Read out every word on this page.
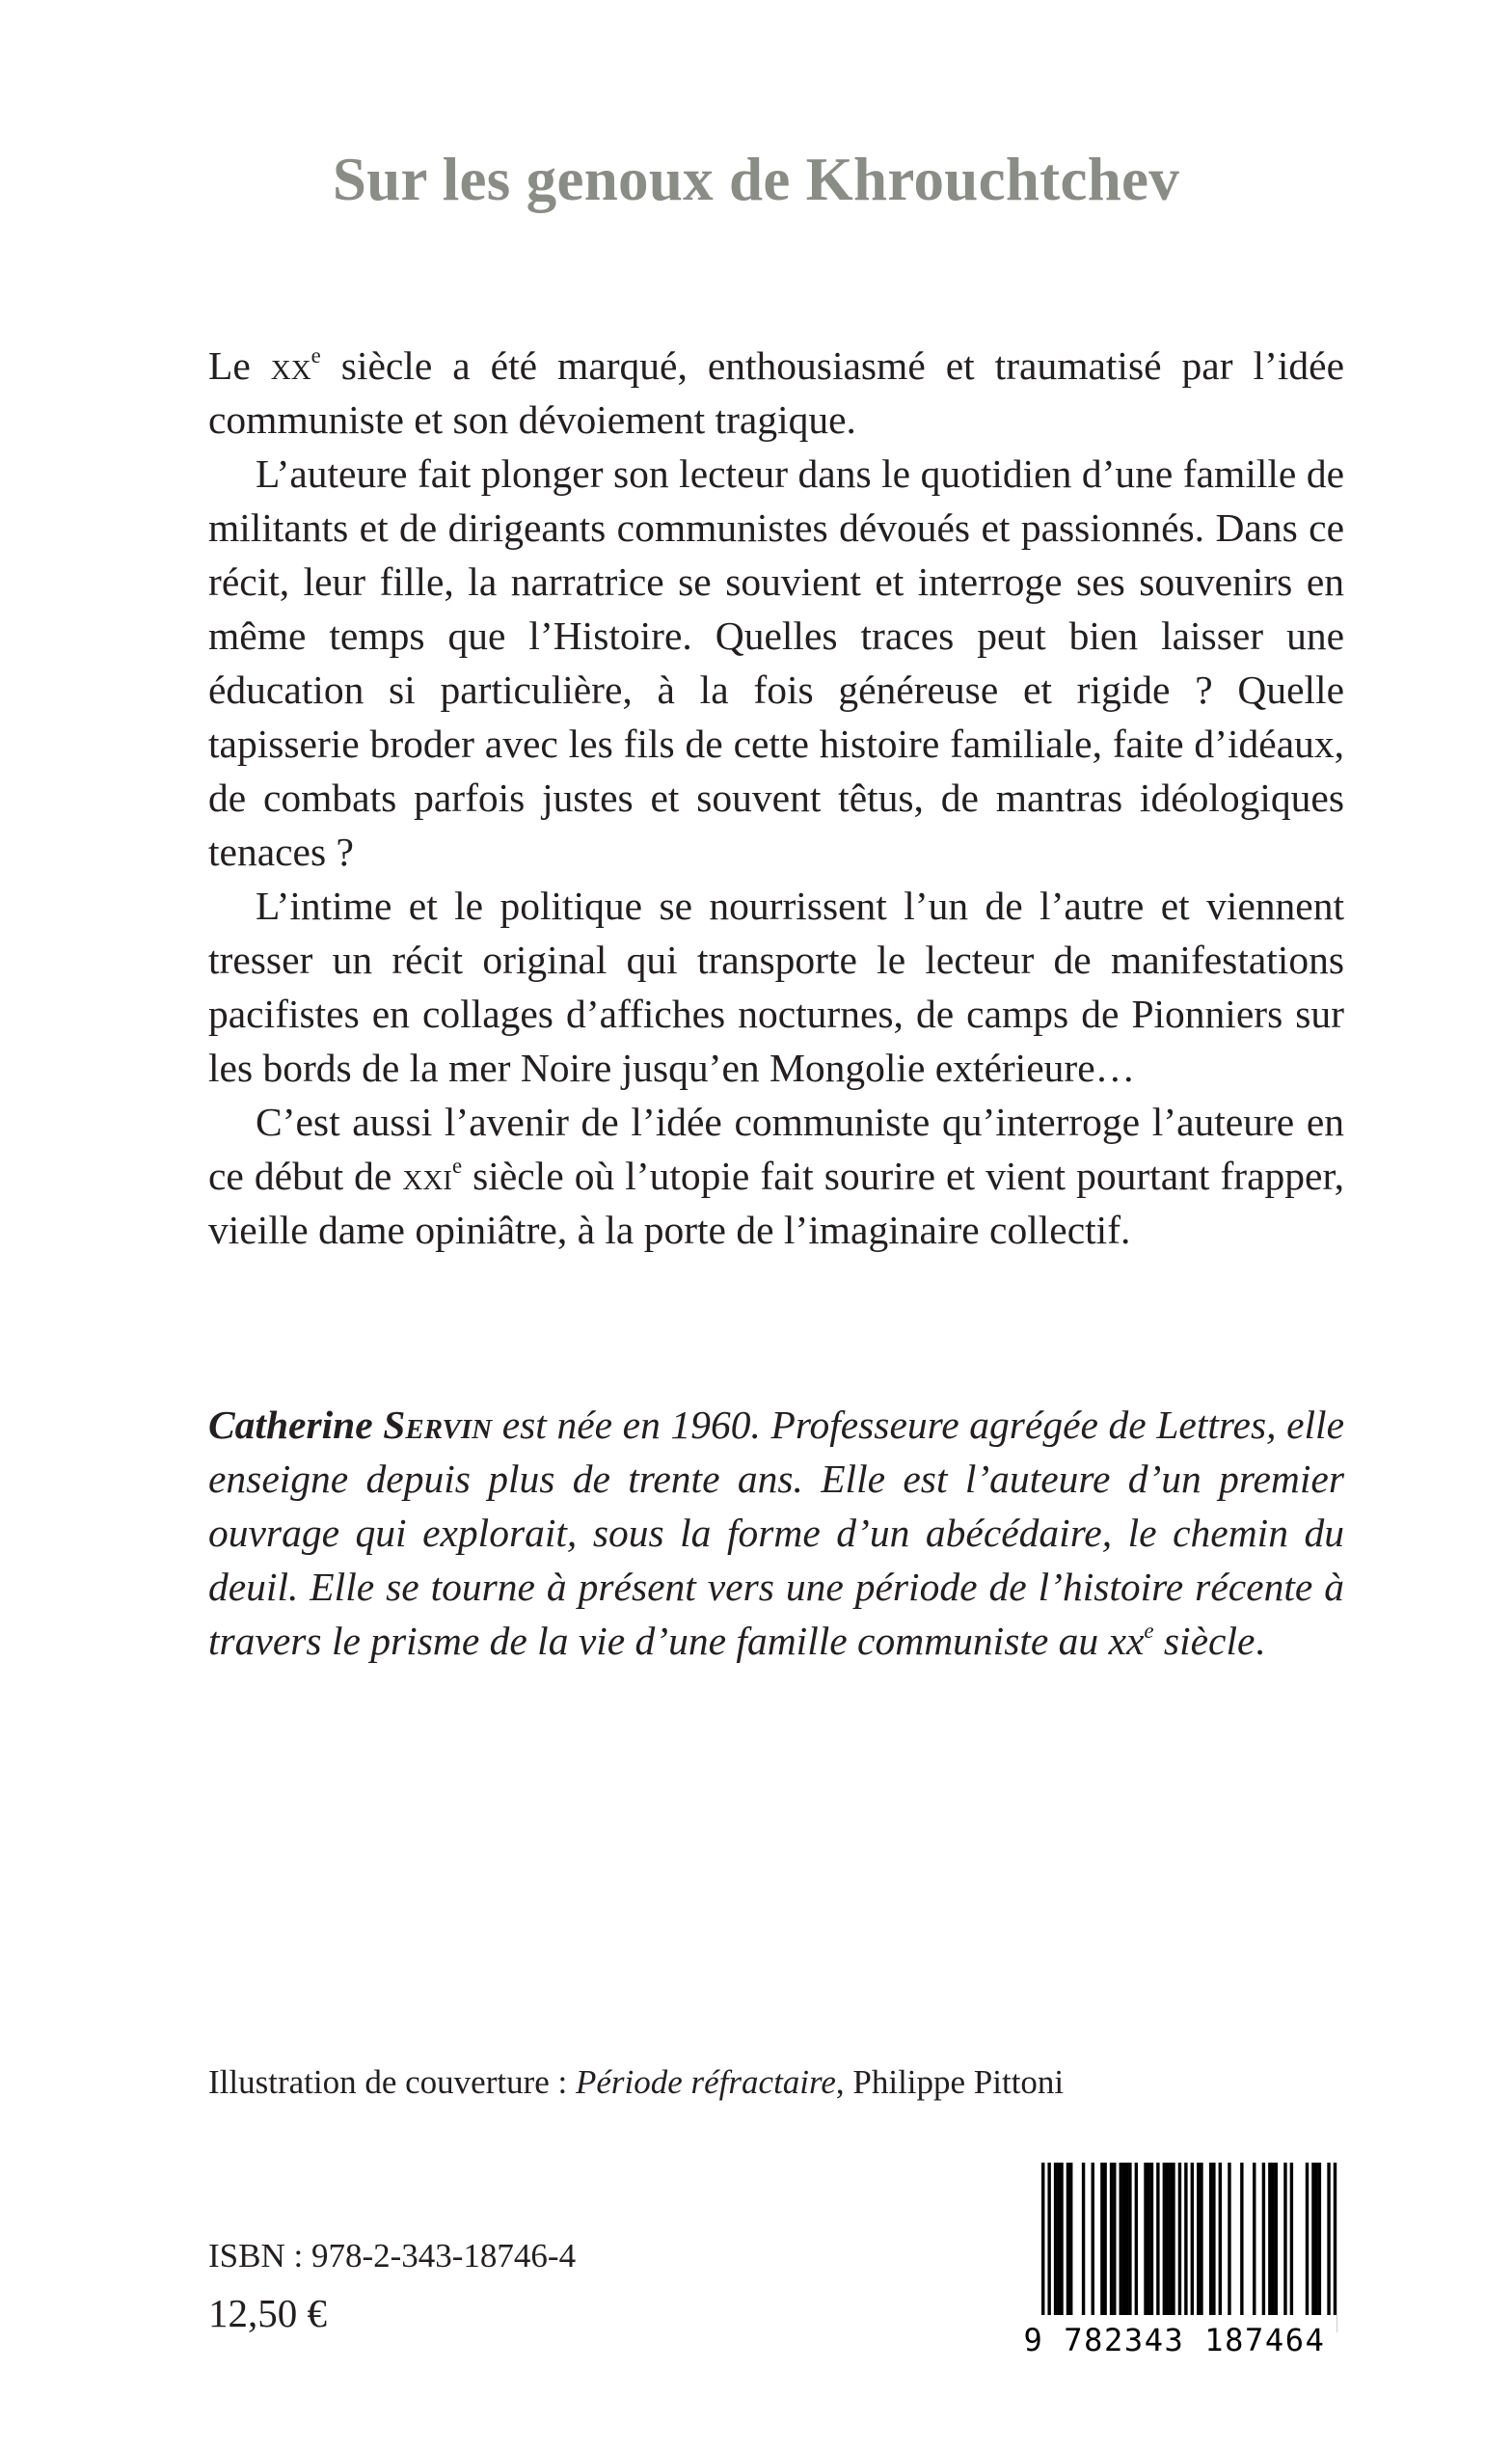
Sur les genoux de Khrouchtchev

Le $xx^e$ siècle a été marqué, enthousiasmé et traumatisé par l’idée communiste et son dévoiement tragique.

L’auteure fait plonger son lecteur dans le quotidien d’une famille de militants et de dirigeants communistes dévoués et passionnés. Dans ce récit, leur fille, la narratrice se souvient et interroge ses souvenirs en même temps que l’Histoire. Quelles traces peut bien laisser une éducation si particulière, à la fois généreuse et rigide ? Quelle tapisserie broder avec les fils de cette histoire familiale, faite d’idéaux, de combats parfois justes et souvent têtus, de mantras idéologiques tenaces ?

L’intime et le politique se nourrissent l’un de l’autre et viennent tresser un récit original qui transporte le lecteur de manifestations pacifistes en collages d’affiches nocturnes, de camps de Pionniers sur les bords de la mer Noire jusqu’en Mongolie extérieure…

C’est aussi l’avenir de l’idée communiste qu’interroge l’auteure en ce début de xxi$^e$ siècle où l’utopie fait sourire et vient pourtant frapper, vieille dame opiniâtre, à la porte de l’imaginaire collectif.

Catherine Servin est née en 1960. Professeure agrégée de Lettres, elle enseigne depuis plus de trente ans. Elle est l’auteure d’un premier ouvrage qui explorait, sous la forme d’un abécédaire, le chemin du deuil. Elle se tourne à présent vers une période de l’histoire récente à travers le prisme de la vie d’une famille communiste au $xx^e$ siècle.

Illustration de couverture : Période réfractaire, Philippe Pittoni
ISBN : 978-2-343-18746-4
12,50 €
9 782343 187464
